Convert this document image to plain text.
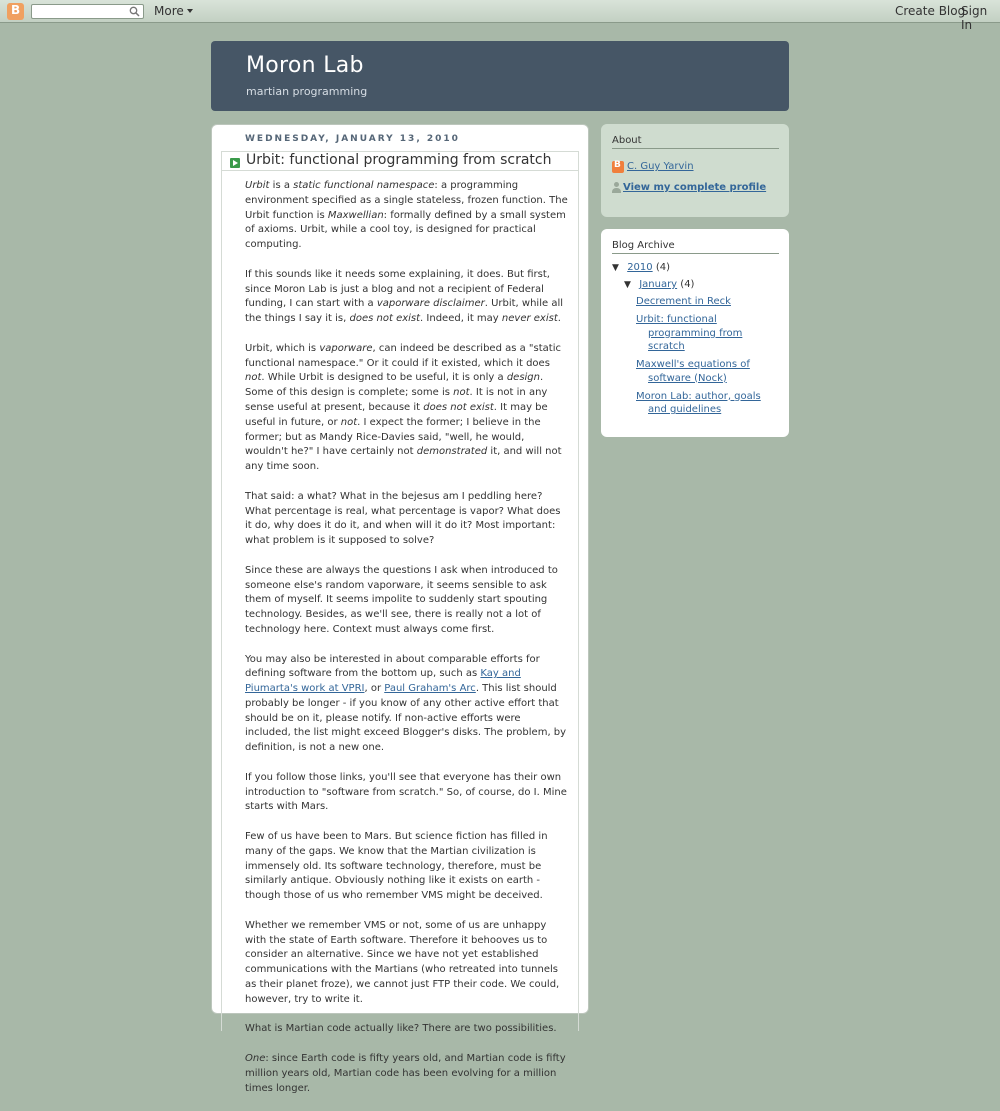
B
More	Create Blog
Sign In
Moron Lab
martian programming
WEDNESDAY, JANUARY 13, 2010
Urbit: functional programming from scratch

Urbit is a static functional namespace: a programming environment specified as a single stateless, frozen function. The Urbit function is Maxwellian: formally defined by a small system of axioms. Urbit, while a cool toy, is designed for practical computing.

If this sounds like it needs some explaining, it does. But first, since Moron Lab is just a blog and not a recipient of Federal funding, I can start with a vaporware disclaimer. Urbit, while all the things I say it is, does not exist. Indeed, it may never exist.

Urbit, which is vaporware, can indeed be described as a "static functional namespace." Or it could if it existed, which it does not. While Urbit is designed to be useful, it is only a design. Some of this design is complete; some is not. It is not in any sense useful at present, because it does not exist. It may be useful in future, or not. I expect the former; I believe in the former; but as Mandy Rice-Davies said, "well, he would, wouldn't he?" I have certainly not demonstrated it, and will not any time soon.

That said: a what? What in the bejesus am I peddling here? What percentage is real, what percentage is vapor? What does it do, why does it do it, and when will it do it? Most important: what problem is it supposed to solve?

Since these are always the questions I ask when introduced to someone else's random vaporware, it seems sensible to ask them of myself. It seems impolite to suddenly start spouting technology. Besides, as we'll see, there is really not a lot of technology here. Context must always come first.

You may also be interested in about comparable efforts for defining software from the bottom up, such as Kay and Piumarta's work at VPRI, or Paul Graham's Arc. This list should probably be longer - if you know of any other active effort that should be on it, please notify. If non-active efforts were included, the list might exceed Blogger's disks. The problem, by definition, is not a new one.

If you follow those links, you'll see that everyone has their own introduction to "software from scratch." So, of course, do I. Mine starts with Mars.

Few of us have been to Mars. But science fiction has filled in many of the gaps. We know that the Martian civilization is immensely old. Its software technology, therefore, must be similarly antique. Obviously nothing like it exists on earth - though those of us who remember VMS might be deceived.

Whether we remember VMS or not, some of us are unhappy with the state of Earth software. Therefore it behooves us to consider an alternative. Since we have not yet established communications with the Martians (who retreated into tunnels as their planet froze), we cannot just FTP their code. We could, however, try to write it.

What is Martian code actually like? There are two possibilities.

One: since Earth code is fifty years old, and Martian code is fifty million years old, Martian code has been evolving for a million times longer.

About
B
C. Guy Yarvin
View my complete profile
Blog Archive
▼ 2010 (4)
▼ January (4)
Decrement in Reck
Urbit: functional programming from scratch
Maxwell's equations of software (Nock)
Moron Lab: author, goals and guidelines
